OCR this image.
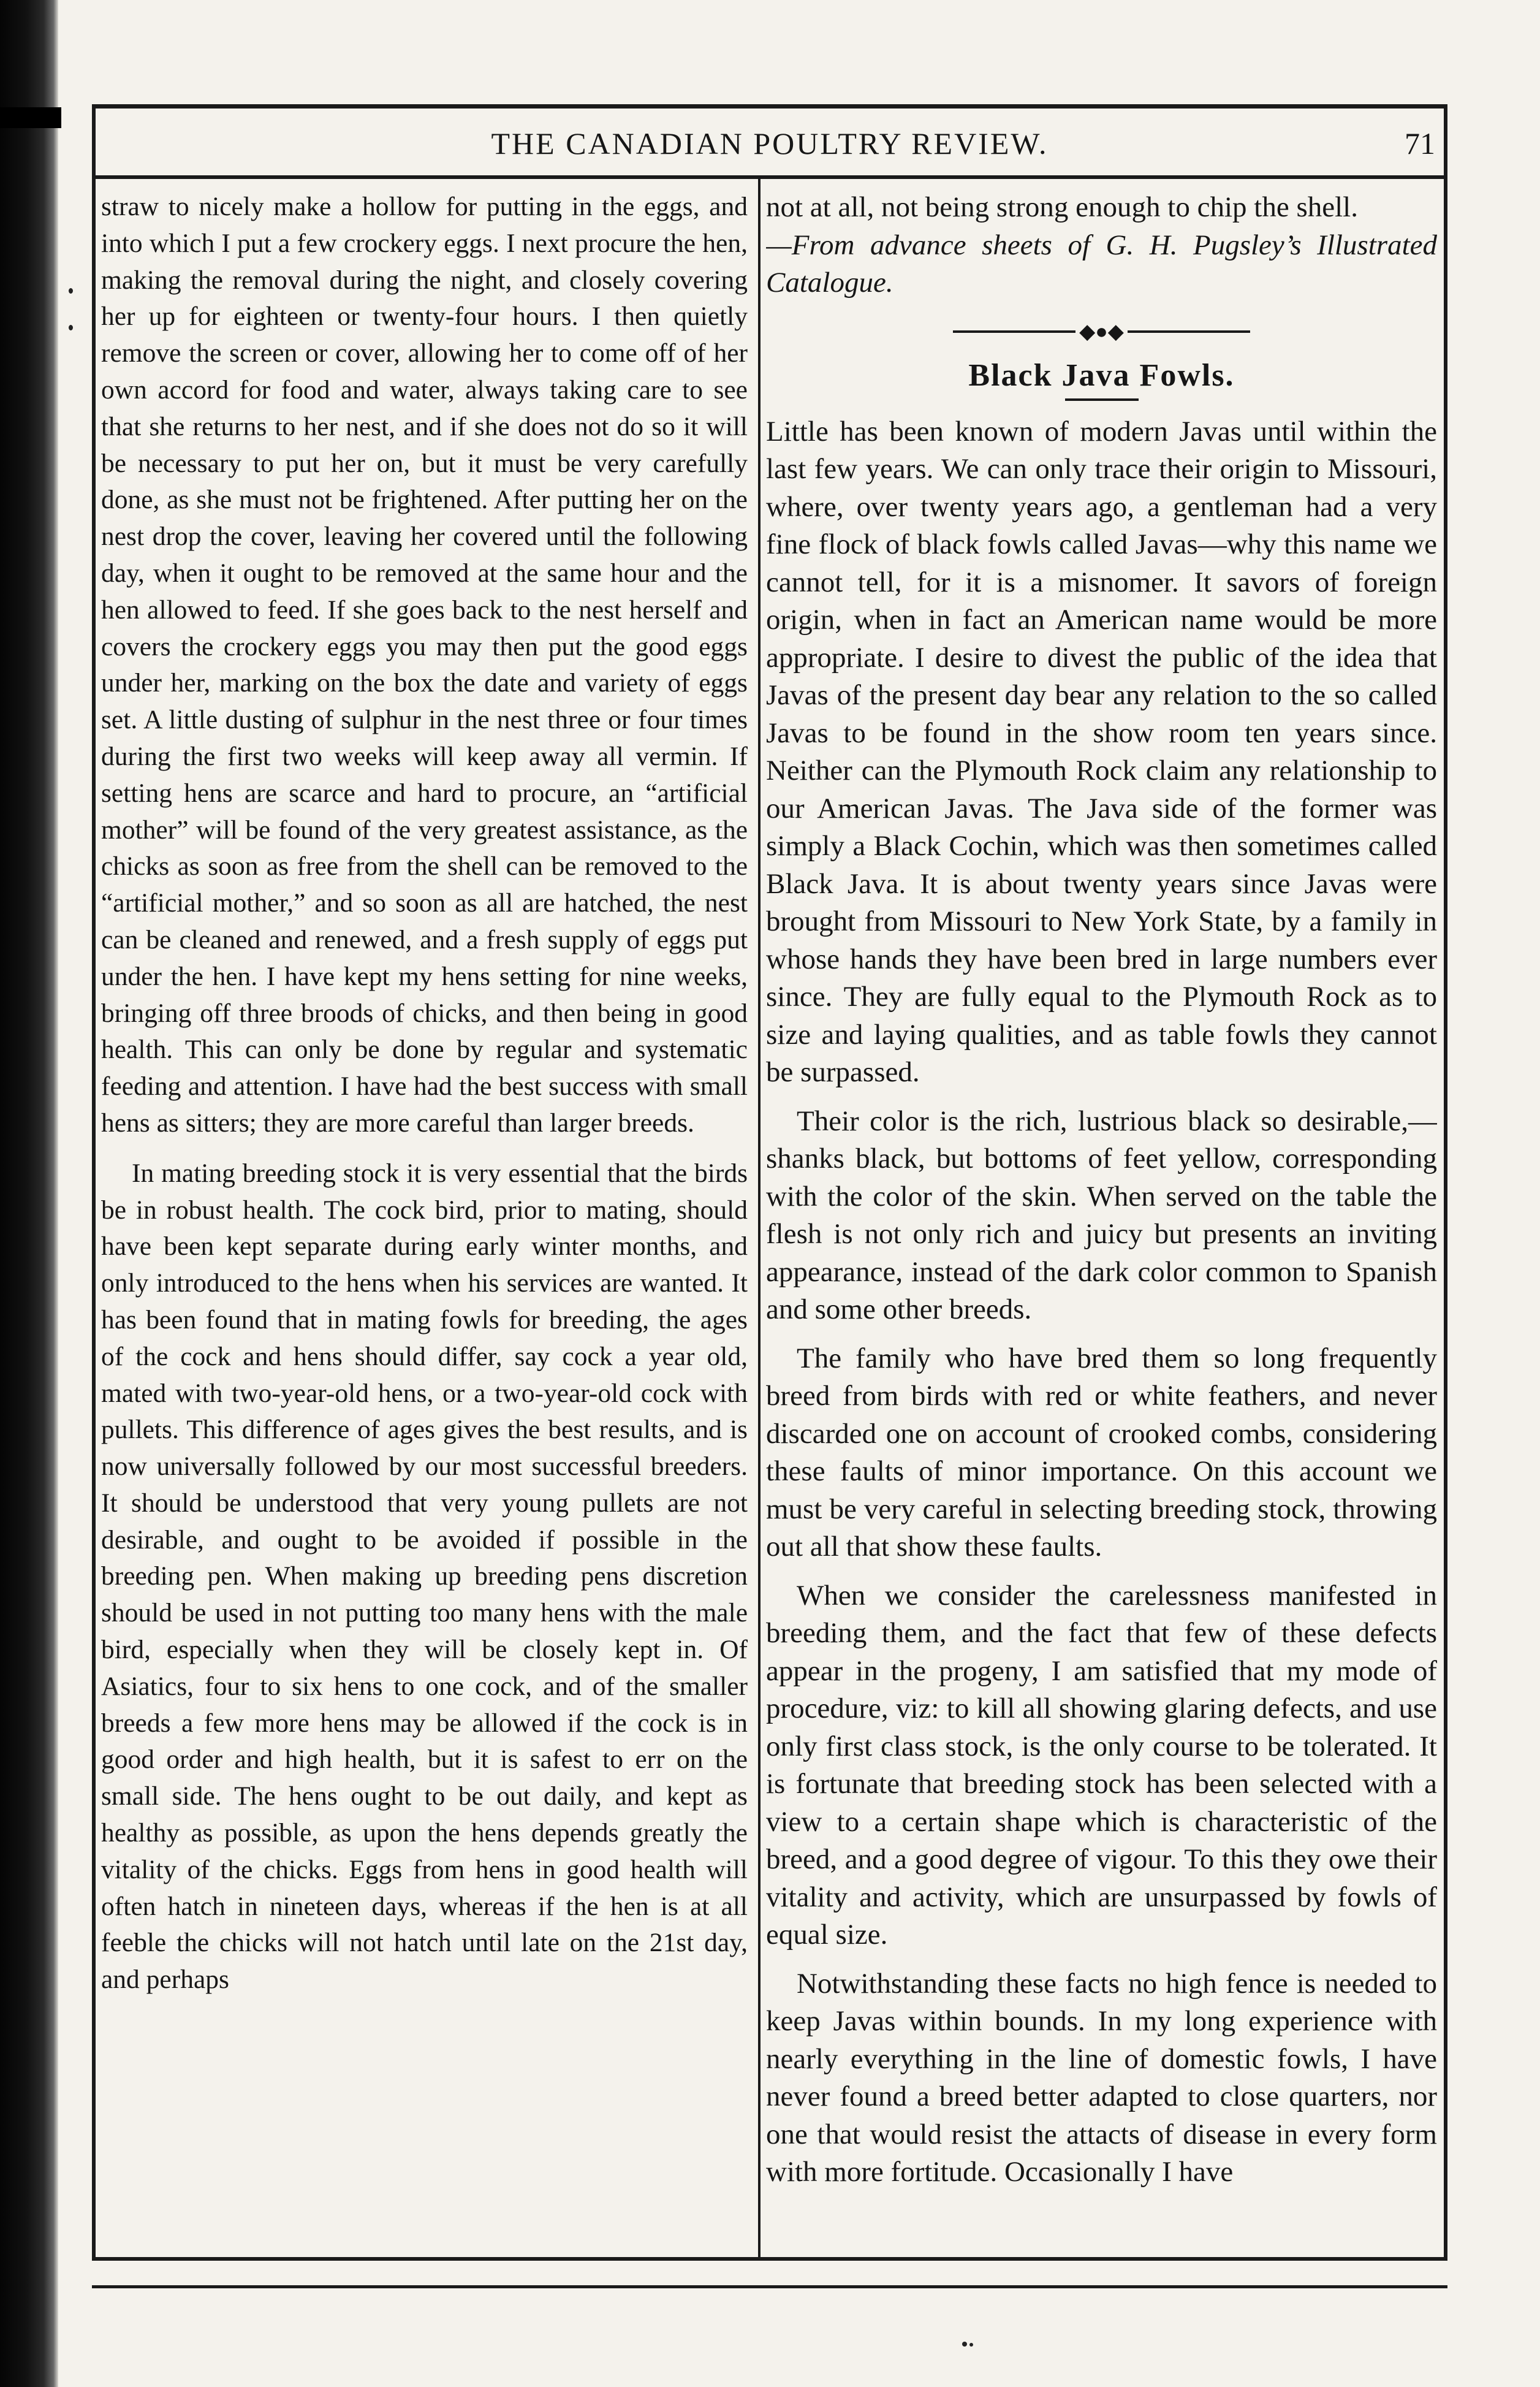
THE CANADIAN POULTRY REVIEW.	71

straw to nicely make a hollow for putting in the eggs, and into which I put a few crockery eggs. I next procure the hen, making the removal during the night, and closely covering her up for eighteen or twenty-four hours. I then quietly remove the screen or cover, allowing her to come off of her own accord for food and water, always taking care to see that she returns to her nest, and if she does not do so it will be necessary to put her on, but it must be very carefully done, as she must not be frightened. After putting her on the nest drop the cover, leaving her covered until the following day, when it ought to be removed at the same hour and the hen allowed to feed. If she goes back to the nest herself and covers the crockery eggs you may then put the good eggs under her, marking on the box the date and variety of eggs set. A little dusting of sulphur in the nest three or four times during the first two weeks will keep away all vermin. If setting hens are scarce and hard to procure, an “artificial mother” will be found of the very greatest assistance, as the chicks as soon as free from the shell can be removed to the “artificial mother,” and so soon as all are hatched, the nest can be cleaned and renewed, and a fresh supply of eggs put under the hen. I have kept my hens setting for nine weeks, bringing off three broods of chicks, and then being in good health. This can only be done by regular and systematic feeding and attention. I have had the best success with small hens as sitters; they are more careful than larger breeds.

In mating breeding stock it is very essential that the birds be in robust health. The cock bird, prior to mating, should have been kept separate during early winter months, and only introduced to the hens when his services are wanted. It has been found that in mating fowls for breeding, the ages of the cock and hens should differ, say cock a year old, mated with two-year-old hens, or a two-year-old cock with pullets. This difference of ages gives the best results, and is now universally followed by our most successful breeders. It should be understood that very young pullets are not desirable, and ought to be avoided if possible in the breeding pen. When making up breeding pens discretion should be used in not putting too many hens with the male bird, especially when they will be closely kept in. Of Asiatics, four to six hens to one cock, and of the smaller breeds a few more hens may be allowed if the cock is in good order and high health, but it is safest to err on the small side. The hens ought to be out daily, and kept as healthy as possible, as upon the hens depends greatly the vitality of the chicks. Eggs from hens in good health will often hatch in nineteen days, whereas if the hen is at all feeble the chicks will not hatch until late on the 21st day, and perhaps

not at all, not being strong enough to chip the shell.

—From advance sheets of G. H. Pugsley’s Illustrated Catalogue.

◆●◆
Black Java Fowls.

Little has been known of modern Javas until within the last few years. We can only trace their origin to Missouri, where, over twenty years ago, a gentleman had a very fine flock of black fowls called Javas—why this name we cannot tell, for it is a misnomer. It savors of foreign origin, when in fact an American name would be more appropriate. I desire to divest the public of the idea that Javas of the present day bear any relation to the so called Javas to be found in the show room ten years since. Neither can the Plymouth Rock claim any relationship to our American Javas. The Java side of the former was simply a Black Cochin, which was then sometimes called Black Java. It is about twenty years since Javas were brought from Missouri to New York State, by a family in whose hands they have been bred in large numbers ever since. They are fully equal to the Plymouth Rock as to size and laying qualities, and as table fowls they cannot be surpassed.

Their color is the rich, lustrious black so desirable,—shanks black, but bottoms of feet yellow, corresponding with the color of the skin. When served on the table the flesh is not only rich and juicy but presents an inviting appearance, instead of the dark color common to Spanish and some other breeds.

The family who have bred them so long frequently breed from birds with red or white feathers, and never discarded one on account of crooked combs, considering these faults of minor importance. On this account we must be very careful in selecting breeding stock, throwing out all that show these faults.

When we consider the carelessness manifested in breeding them, and the fact that few of these defects appear in the progeny, I am satisfied that my mode of procedure, viz: to kill all showing glaring defects, and use only first class stock, is the only course to be tolerated. It is fortunate that breeding stock has been selected with a view to a certain shape which is characteristic of the breed, and a good degree of vigour. To this they owe their vitality and activity, which are unsurpassed by fowls of equal size.

Notwithstanding these facts no high fence is needed to keep Javas within bounds. In my long experience with nearly everything in the line of domestic fowls, I have never found a breed better adapted to close quarters, nor one that would resist the attacts of disease in every form with more fortitude. Occasionally I have
